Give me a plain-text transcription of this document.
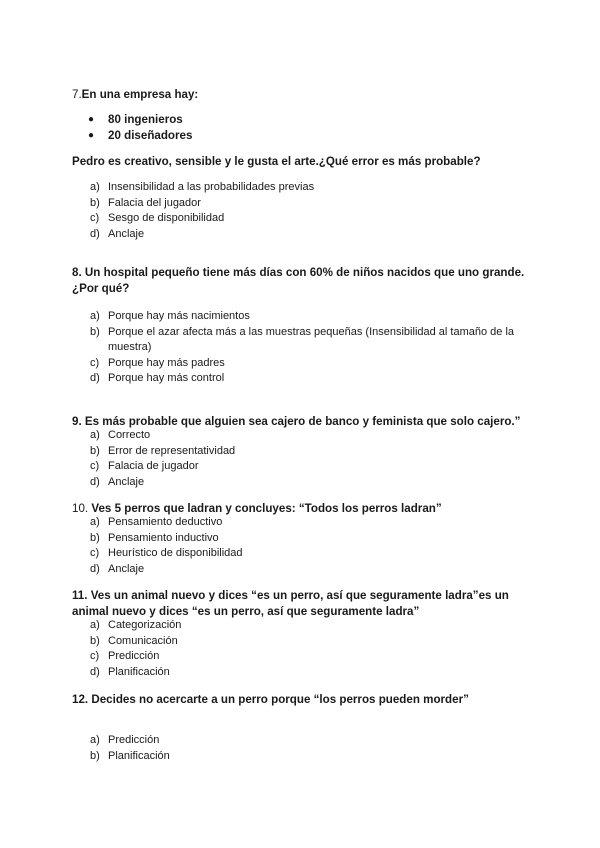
7.En una empresa hay:

● 80 ingenieros
● 20 diseñadores

Pedro es creativo, sensible y le gusta el arte.¿Qué error es más probable?

a) Insensibilidad a las probabilidades previas
b) Falacia del jugador
c) Sesgo de disponibilidad
d) Anclaje

8. Un hospital pequeño tiene más días con 60% de niños nacidos que uno grande.
¿Por qué?

a) Porque hay más nacimientos
b) Porque el azar afecta más a las muestras pequeñas (Insensibilidad al tamaño de la muestra)
c) Porque hay más padres
d) Porque hay más control

9. Es más probable que alguien sea cajero de banco y feminista que solo cajero.”

a) Correcto
b) Error de representatividad
c) Falacia de jugador
d) Anclaje

10. Ves 5 perros que ladran y concluyes: “Todos los perros ladran”

a) Pensamiento deductivo
b) Pensamiento inductivo
c) Heurístico de disponibilidad
d) Anclaje

11. Ves un animal nuevo y dices “es un perro, así que seguramente ladra”es un
animal nuevo y dices “es un perro, así que seguramente ladra”

a) Categorización
b) Comunicación
c) Predicción
d) Planificación

12. Decides no acercarte a un perro porque “los perros pueden morder”

a) Predicción
b) Planificación
